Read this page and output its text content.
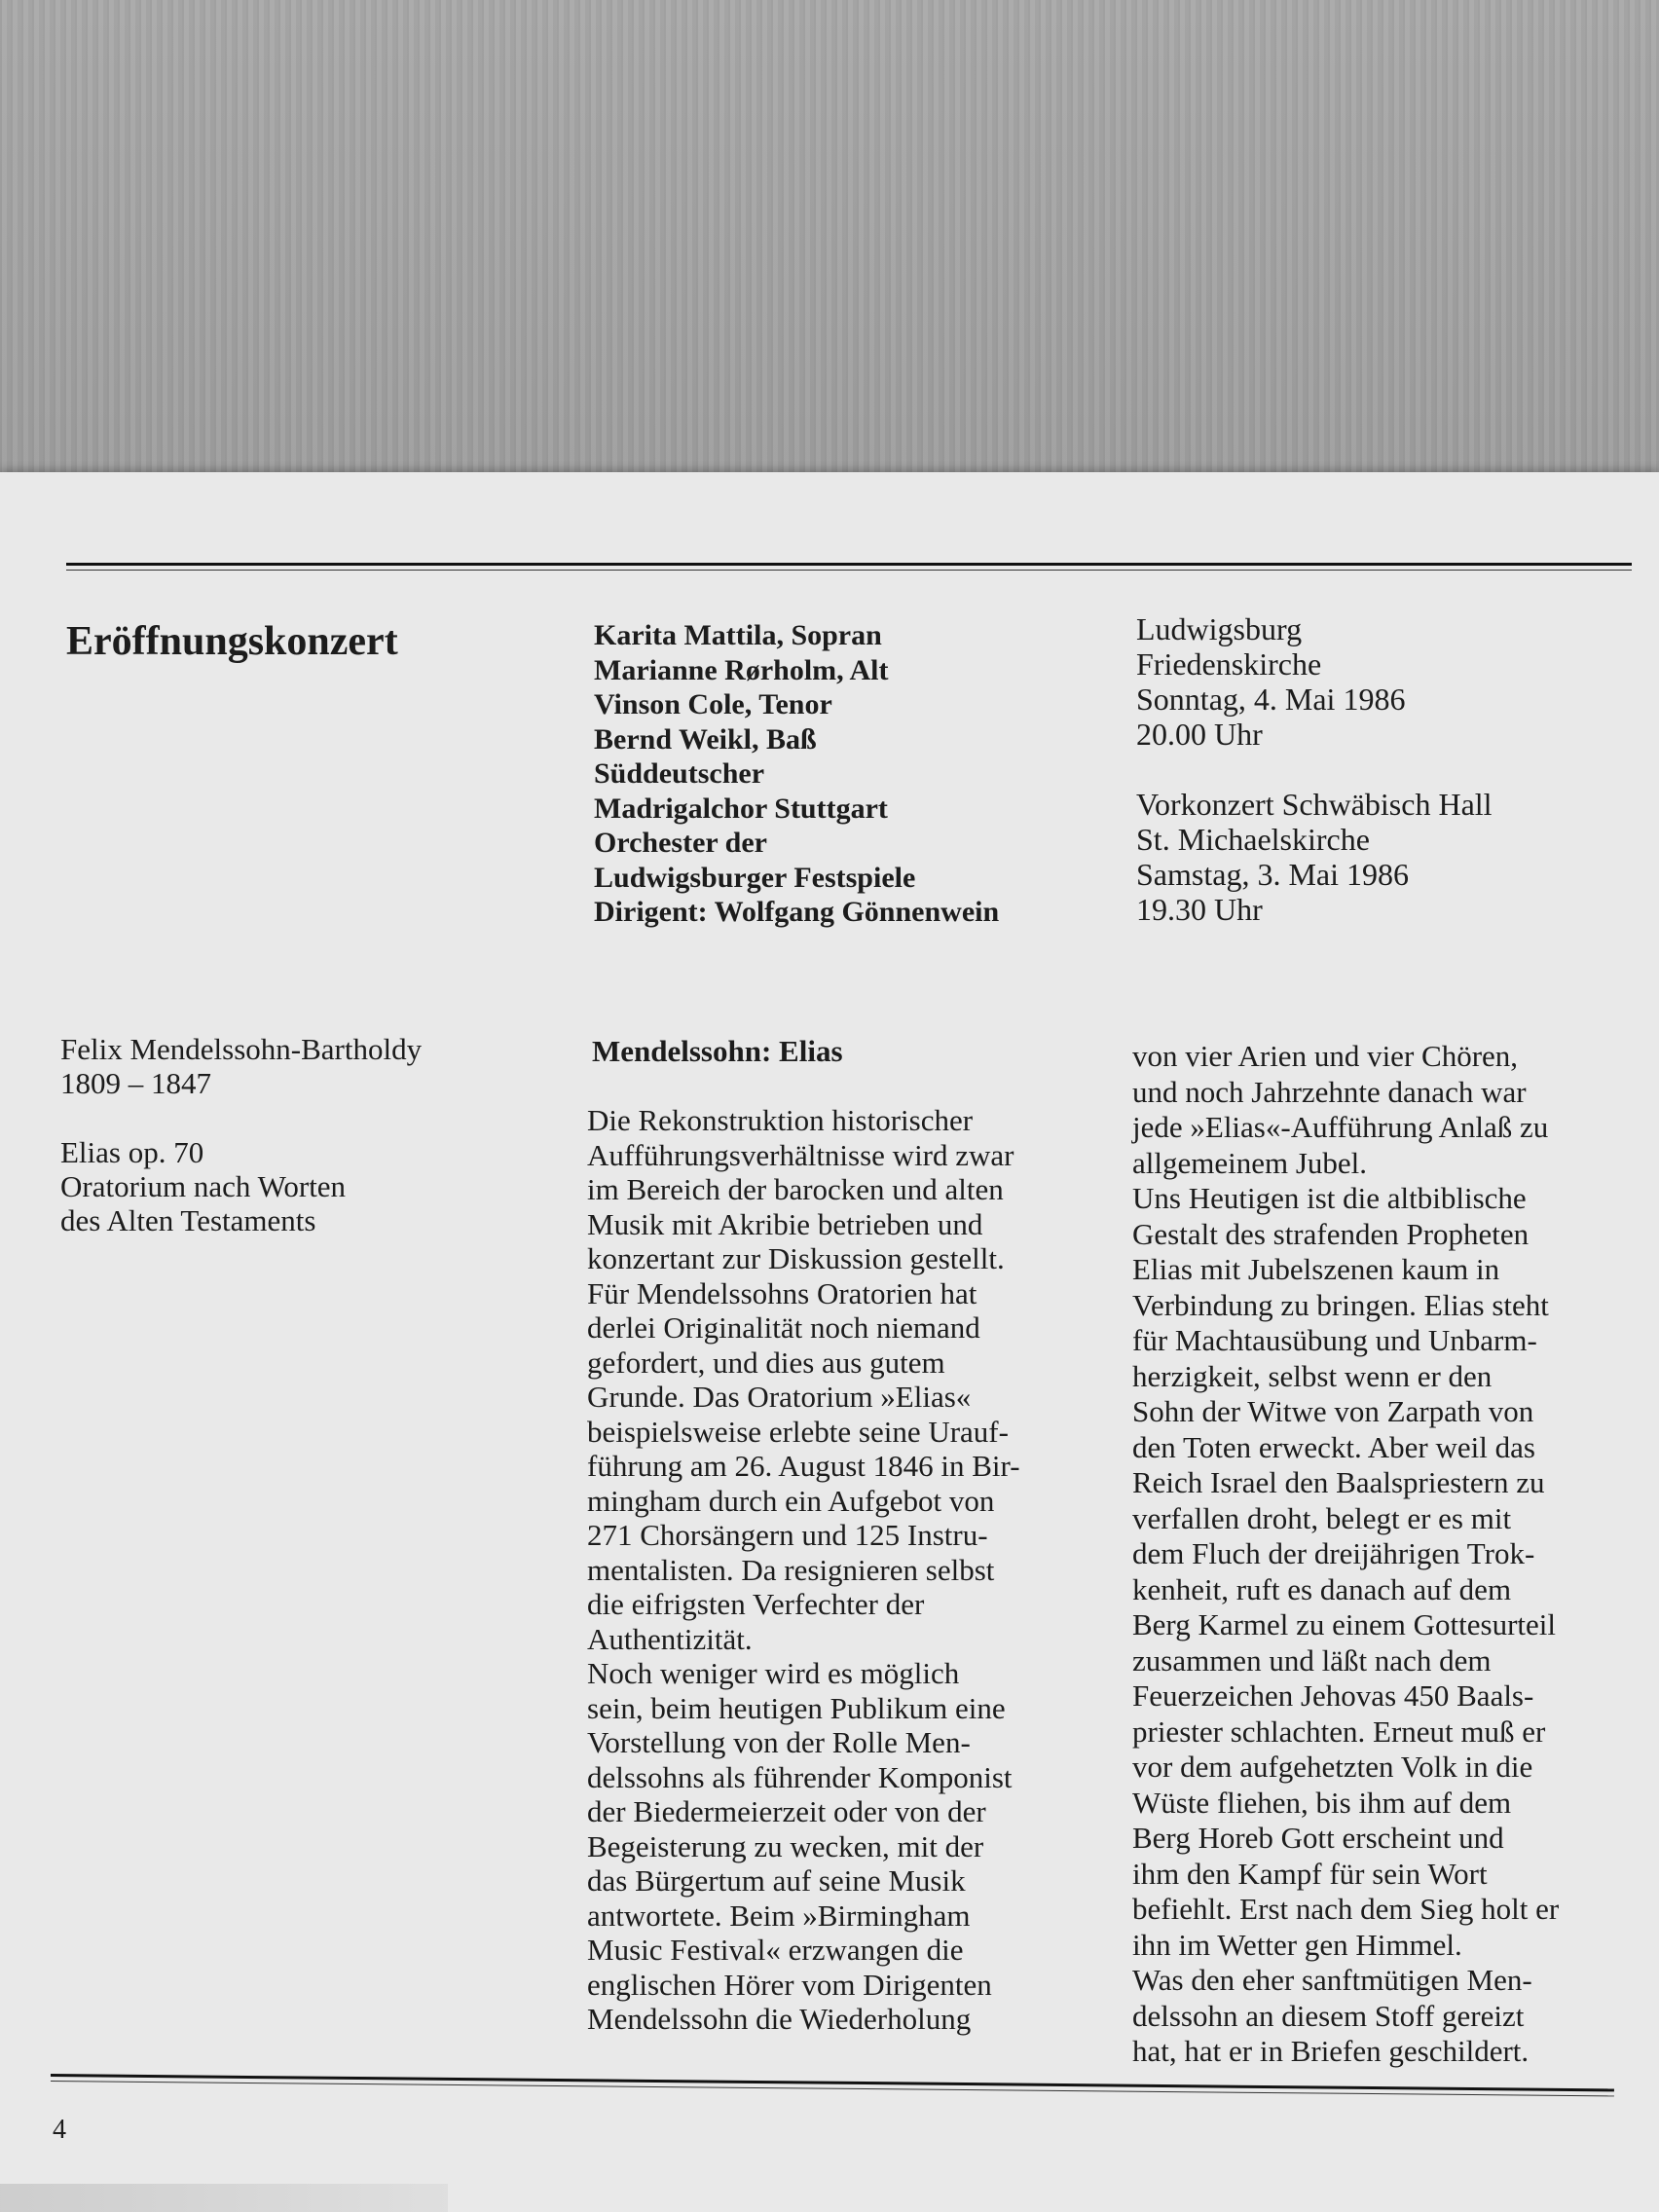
Eröffnungskonzert	Karita Mattila, Sopran
Marianne Rørholm, Alt
Vinson Cole, Tenor
Bernd Weikl, Baß
Süddeutscher
Madrigalchor Stuttgart
Orchester der
Ludwigsburger Festspiele
Dirigent: Wolfgang Gönnenwein
Ludwigsburg
Friedenskirche
Sonntag, 4. Mai 1986
20.00 Uhr
Vorkonzert Schwäbisch Hall
St. Michaelskirche
Samstag, 3. Mai 1986
19.30 Uhr
Felix Mendelssohn-Bartholdy
1809 – 1847
Elias op. 70
Oratorium nach Worten
des Alten Testaments
Mendelssohn: Elias
Die Rekonstruktion historischer
Aufführungsverhältnisse wird zwar
im Bereich der barocken und alten
Musik mit Akribie betrieben und
konzertant zur Diskussion gestellt.
Für Mendelssohns Oratorien hat
derlei Originalität noch niemand
gefordert, und dies aus gutem
Grunde. Das Oratorium »Elias«
beispielsweise erlebte seine Urauf-
führung am 26. August 1846 in Bir-
mingham durch ein Aufgebot von
271 Chorsängern und 125 Instru-
mentalisten. Da resignieren selbst
die eifrigsten Verfechter der
Authentizität.
Noch weniger wird es möglich
sein, beim heutigen Publikum eine
Vorstellung von der Rolle Men-
delssohns als führender Komponist
der Biedermeierzeit oder von der
Begeisterung zu wecken, mit der
das Bürgertum auf seine Musik
antwortete. Beim »Birmingham
Music Festival« erzwangen die
englischen Hörer vom Dirigenten
Mendelssohn die Wiederholung
von vier Arien und vier Chören,
und noch Jahrzehnte danach war
jede »Elias«-Aufführung Anlaß zu
allgemeinem Jubel.
Uns Heutigen ist die altbiblische
Gestalt des strafenden Propheten
Elias mit Jubelszenen kaum in
Verbindung zu bringen. Elias steht
für Machtausübung und Unbarm-
herzigkeit, selbst wenn er den
Sohn der Witwe von Zarpath von
den Toten erweckt. Aber weil das
Reich Israel den Baalspriestern zu
verfallen droht, belegt er es mit
dem Fluch der dreijährigen Trok-
kenheit, ruft es danach auf dem
Berg Karmel zu einem Gottesurteil
zusammen und läßt nach dem
Feuerzeichen Jehovas 450 Baals-
priester schlachten. Erneut muß er
vor dem aufgehetzten Volk in die
Wüste fliehen, bis ihm auf dem
Berg Horeb Gott erscheint und
ihm den Kampf für sein Wort
befiehlt. Erst nach dem Sieg holt er
ihn im Wetter gen Himmel.
Was den eher sanftmütigen Men-
delssohn an diesem Stoff gereizt
hat, hat er in Briefen geschildert.
4
